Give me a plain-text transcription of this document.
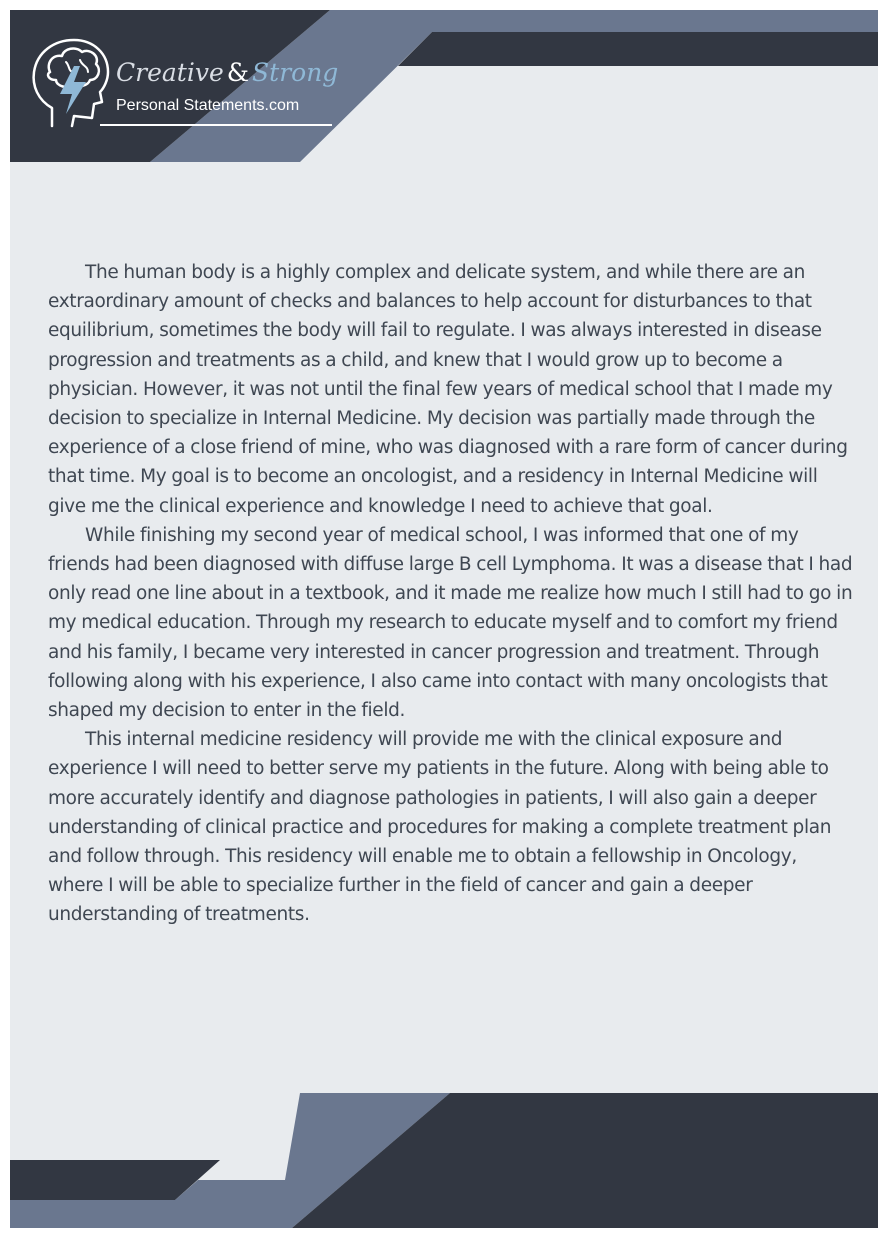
Creative & Strong
Personal Statements.com

The human body is a highly complex and delicate system, and while there are an extraordinary amount of checks and balances to help account for disturbances to that equilibrium, sometimes the body will fail to regulate. I was always interested in disease progression and treatments as a child, and knew that I would grow up to become a physician. However, it was not until the final few years of medical school that I made my decision to specialize in Internal Medicine. My decision was partially made through the experience of a close friend of mine, who was diagnosed with a rare form of cancer during that time. My goal is to become an oncologist, and a residency in Internal Medicine will give me the clinical experience and knowledge I need to achieve that goal.

While finishing my second year of medical school, I was informed that one of my friends had been diagnosed with diffuse large B cell Lymphoma. It was a disease that I had only read one line about in a textbook, and it made me realize how much I still had to go in my medical education. Through my research to educate myself and to comfort my friend and his family, I became very interested in cancer progression and treatment. Through following along with his experience, I also came into contact with many oncologists that shaped my decision to enter in the field.

This internal medicine residency will provide me with the clinical exposure and experience I will need to better serve my patients in the future. Along with being able to more accurately identify and diagnose pathologies in patients, I will also gain a deeper understanding of clinical practice and procedures for making a complete treatment plan and follow through. This residency will enable me to obtain a fellowship in Oncology, where I will be able to specialize further in the field of cancer and gain a deeper understanding of treatments.
